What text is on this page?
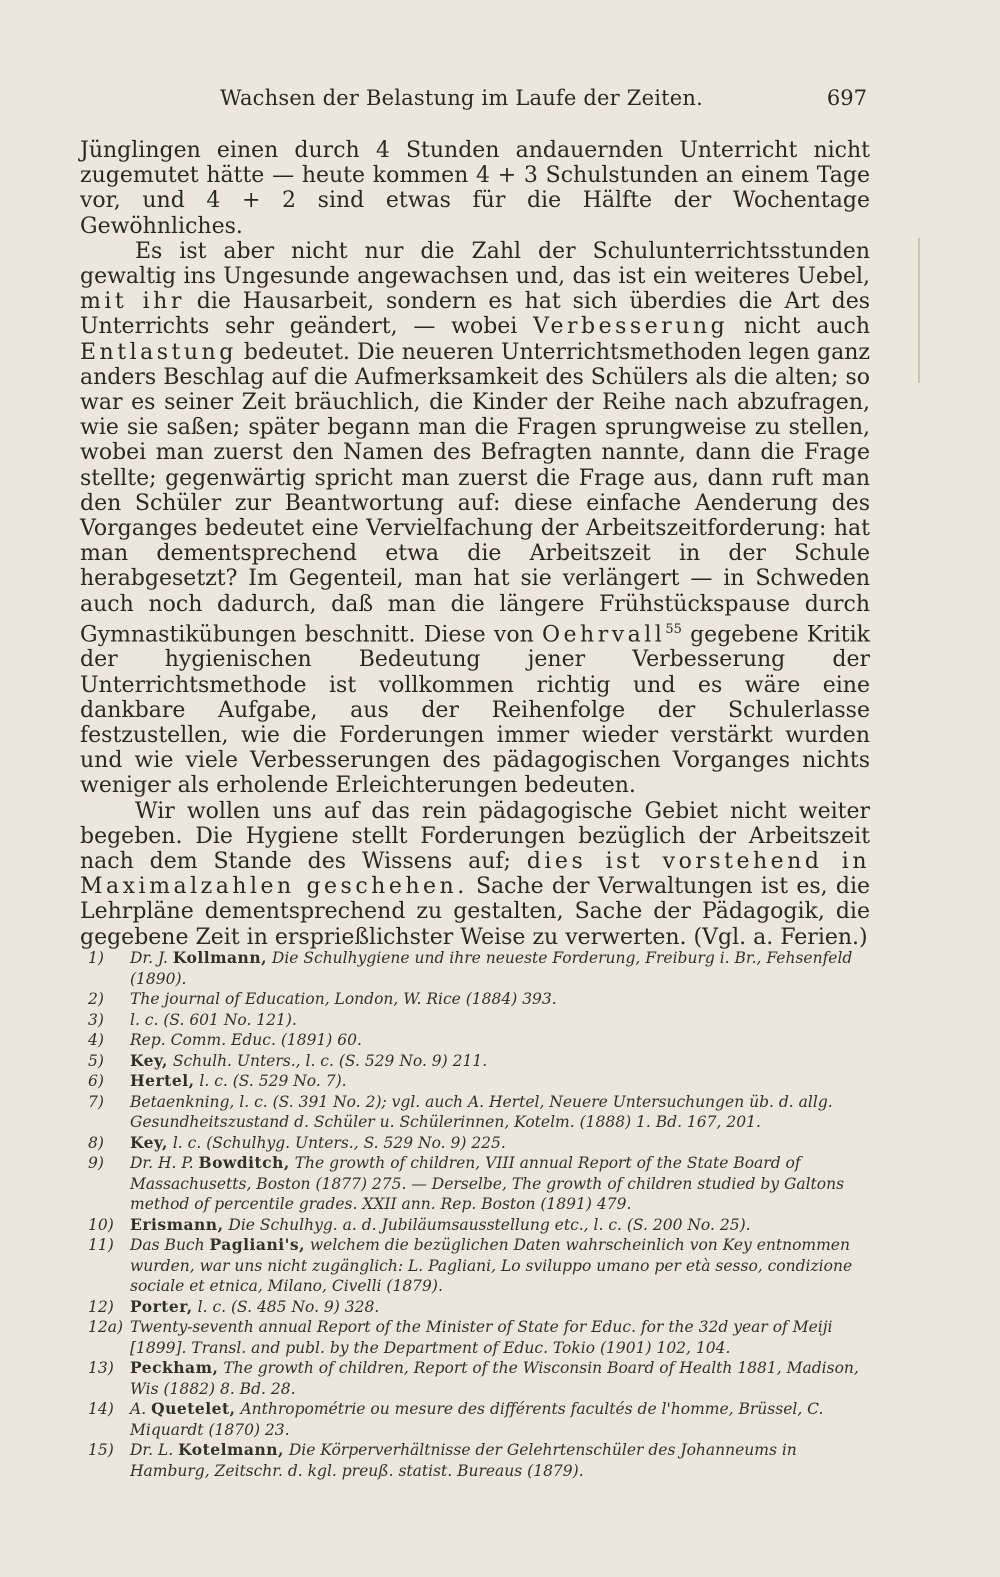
Wachsen der Belastung im Laufe der Zeiten.	697

Jünglingen einen durch 4 Stunden andauernden Unterricht nicht zugemutet hätte — heute kommen 4 + 3 Schulstunden an einem Tage vor, und 4 + 2 sind etwas für die Hälfte der Wochentage Gewöhnliches.

Es ist aber nicht nur die Zahl der Schulunterrichtsstunden gewaltig ins Ungesunde angewachsen und, das ist ein weiteres Uebel, mit ihr die Hausarbeit, sondern es hat sich überdies die Art des Unterrichts sehr geändert, — wobei Verbesserung nicht auch Entlastung bedeutet. Die neueren Unterrichtsmethoden legen ganz anders Beschlag auf die Aufmerksamkeit des Schülers als die alten; so war es seiner Zeit bräuchlich, die Kinder der Reihe nach abzufragen, wie sie saßen; später begann man die Fragen sprungweise zu stellen, wobei man zuerst den Namen des Befragten nannte, dann die Frage stellte; gegenwärtig spricht man zuerst die Frage aus, dann ruft man den Schüler zur Beantwortung auf: diese einfache Aenderung des Vorganges bedeutet eine Vervielfachung der Arbeitszeitforderung: hat man dementsprechend etwa die Arbeitszeit in der Schule herabgesetzt? Im Gegenteil, man hat sie verlängert — in Schweden auch noch dadurch, daß man die längere Frühstückspause durch Gymnastikübungen beschnitt. Diese von Oehrvall$^{55}$ gegebene Kritik der hygienischen Bedeutung jener Verbesserung der Unterrichtsmethode ist vollkommen richtig und es wäre eine dankbare Aufgabe, aus der Reihenfolge der Schulerlasse festzustellen, wie die Forderungen immer wieder verstärkt wurden und wie viele Verbesserungen des pädagogischen Vorganges nichts weniger als erholende Erleichterungen bedeuten.

Wir wollen uns auf das rein pädagogische Gebiet nicht weiter begeben. Die Hygiene stellt Forderungen bezüglich der Arbeitszeit nach dem Stande des Wissens auf; dies ist vorstehend in Maximalzahlen geschehen. Sache der Verwaltungen ist es, die Lehrpläne dementsprechend zu gestalten, Sache der Pädagogik, die gegebene Zeit in ersprießlichster Weise zu verwerten. (Vgl. a. Ferien.)

1)	Dr. J. Kollmann, Die Schulhygiene und ihre neueste Forderung, Freiburg i. Br., Fehsenfeld (1890).

2)	The journal of Education, London, W. Rice (1884) 393.

3)	l. c. (S. 601 No. 121).

4)	Rep. Comm. Educ. (1891) 60.

5)	Key, Schulh. Unters., l. c. (S. 529 No. 9) 211.

6)	Hertel, l. c. (S. 529 No. 7).

7)	Betaenkning, l. c. (S. 391 No. 2); vgl. auch A. Hertel, Neuere Untersuchungen üb. d. allg. Gesundheitszustand d. Schüler u. Schülerinnen, Kotelm. (1888) 1. Bd. 167, 201.

8)	Key, l. c. (Schulhyg. Unters., S. 529 No. 9) 225.

9)	Dr. H. P. Bowditch, The growth of children, VIII annual Report of the State Board of Massachusetts, Boston (1877) 275. — Derselbe, The growth of children studied by Galtons method of percentile grades. XXII ann. Rep. Boston (1891) 479.

10)	Erismann, Die Schulhyg. a. d. Jubiläumsausstellung etc., l. c. (S. 200 No. 25).

11)	Das Buch Pagliani's, welchem die bezüglichen Daten wahrscheinlich von Key entnommen wurden, war uns nicht zugänglich: L. Pagliani, Lo sviluppo umano per età sesso, condizione sociale et etnica, Milano, Civelli (1879).

12)	Porter, l. c. (S. 485 No. 9) 328.

12a) Twenty-seventh annual Report of the Minister of State for Educ. for the 32d year of Meiji [1899]. Transl. and publ. by the Department of Educ. Tokio (1901) 102, 104.

13)	Peckham, The growth of children, Report of the Wisconsin Board of Health 1881, Madison, Wis (1882) 8. Bd. 28.

14)	A. Quetelet, Anthropométrie ou mesure des différents facultés de l'homme, Brüssel, C. Miquardt (1870) 23.

15)	Dr. L. Kotelmann, Die Körperverhältnisse der Gelehrtenschüler des Johanneums in Hamburg, Zeitschr. d. kgl. preuß. statist. Bureaus (1879).
